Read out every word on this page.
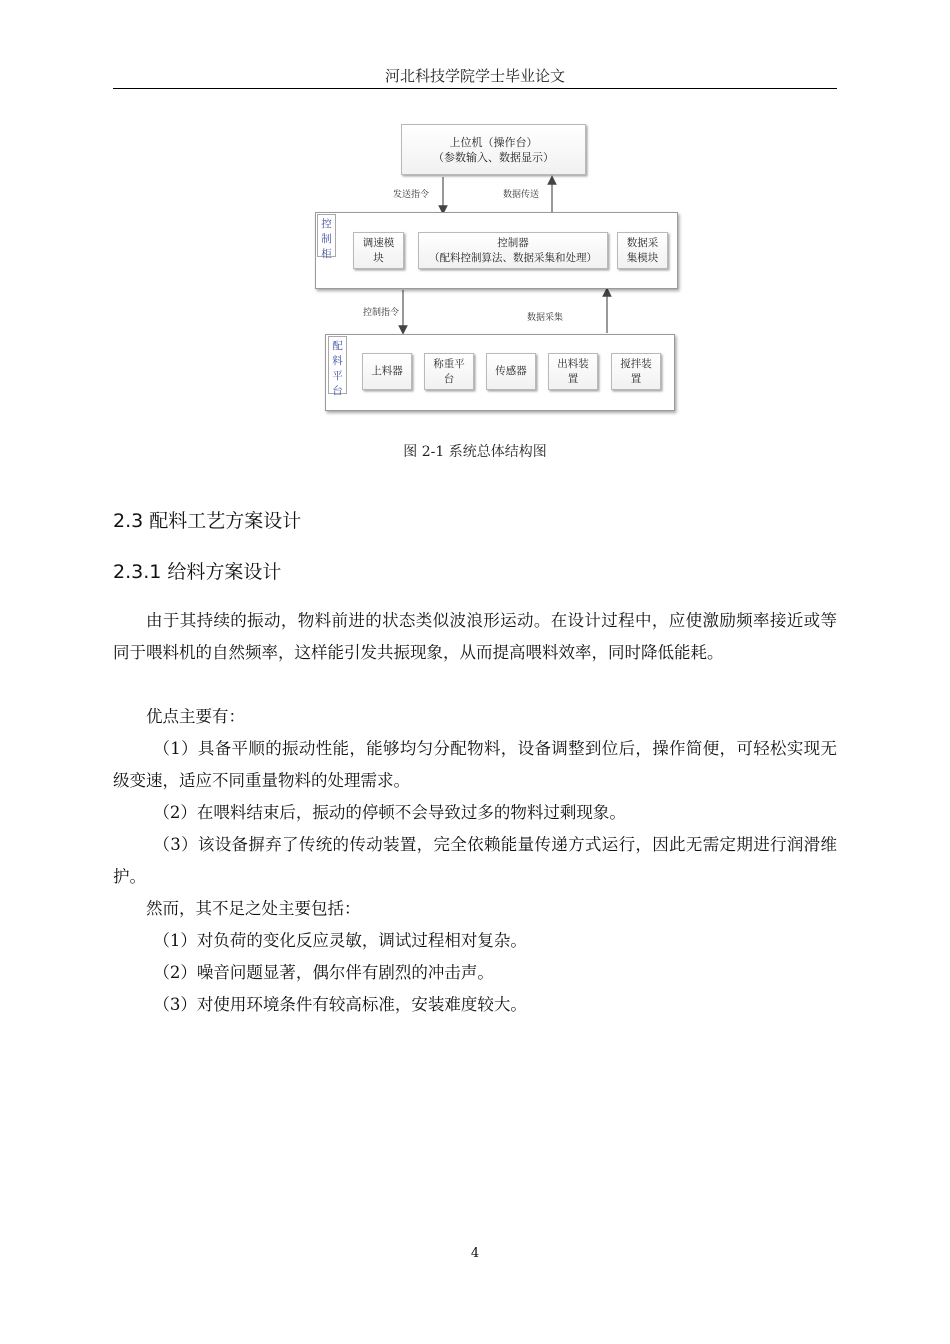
河北科技学院学士毕业论文
上位机（操作台）
（参数输入、数据显示）
发送指令	数据传送
控
制
柜
调速模
块
控制器
（配料控制算法、数据采集和处理）
数据采
集模块
控制指令	数据采集
配
料
平
台
上料器
称重平
台
传感器
出料装
置
搅拌装
置
图 2-1 系统总体结构图
2.3 配料工艺方案设计
2.3.1 给料方案设计

由于其持续的振动，物料前进的状态类似波浪形运动。在设计过程中，应使激励频率接近或等同于喂料机的自然频率，这样能引发共振现象，从而提高喂料效率，同时降低能耗。

优点主要有：

（1）具备平顺的振动性能，能够均匀分配物料，设备调整到位后，操作简便，可轻松实现无级变速，适应不同重量物料的处理需求。

（2）在喂料结束后，振动的停顿不会导致过多的物料过剩现象。

（3）该设备摒弃了传统的传动装置，完全依赖能量传递方式运行，因此无需定期进行润滑维护。

然而，其不足之处主要包括：

（1）对负荷的变化反应灵敏，调试过程相对复杂。

（2）噪音问题显著，偶尔伴有剧烈的冲击声。

（3）对使用环境条件有较高标准，安装难度较大。

4
